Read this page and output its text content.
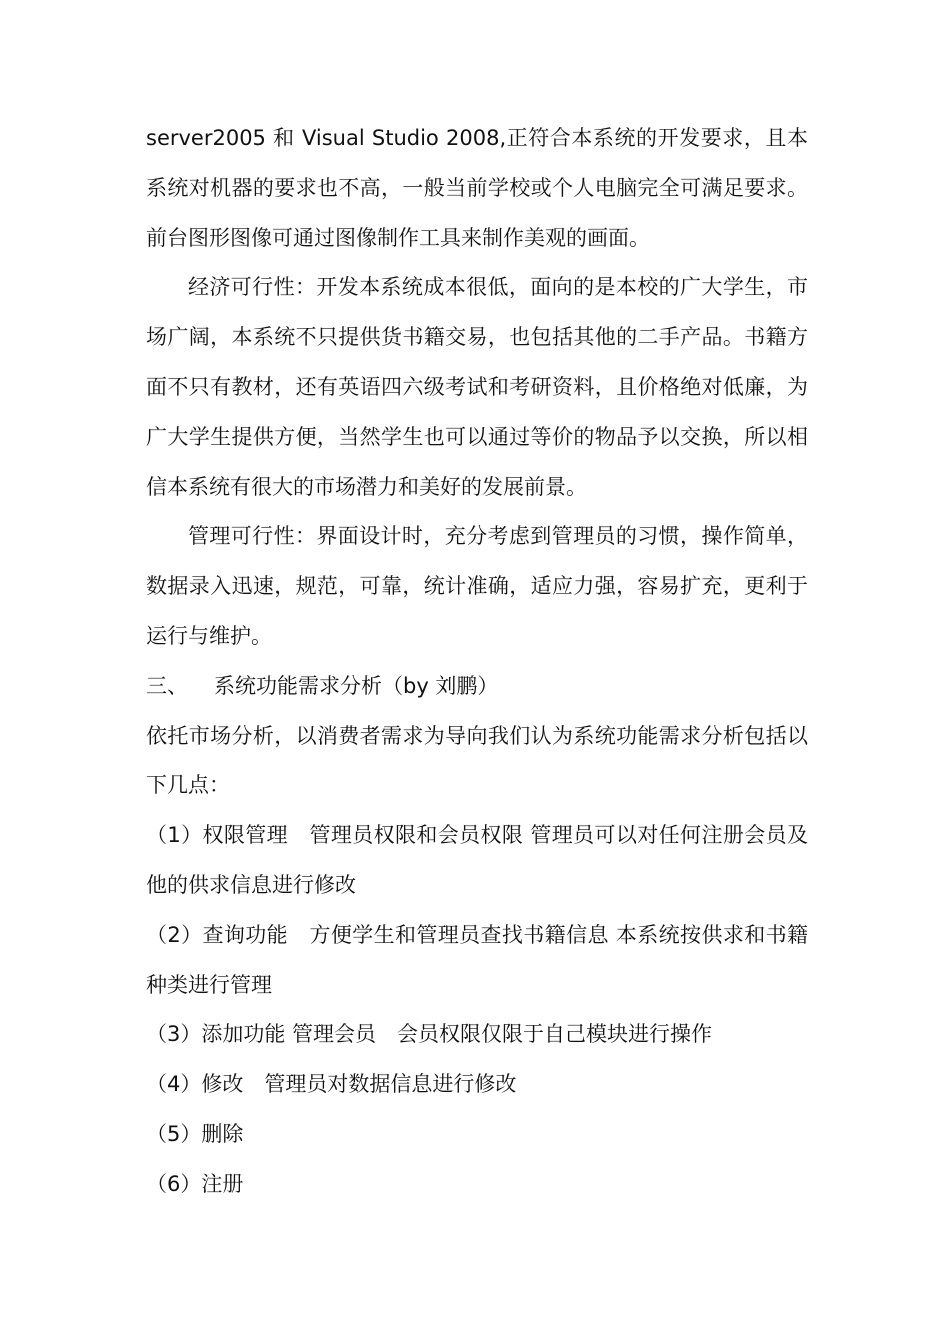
server2005 和 Visual Studio 2008,正符合本系统的开发要求，且本系统对机器的要求也不高，一般当前学校或个人电脑完全可满足要求。前台图形图像可通过图像制作工具来制作美观的画面。

经济可行性：开发本系统成本很低，面向的是本校的广大学生，市场广阔，本系统不只提供货书籍交易，也包括其他的二手产品。书籍方面不只有教材，还有英语四六级考试和考研资料，且价格绝对低廉，为广大学生提供方便，当然学生也可以通过等价的物品予以交换，所以相信本系统有很大的市场潜力和美好的发展前景。

管理可行性：界面设计时，充分考虑到管理员的习惯，操作简单，数据录入迅速，规范，可靠，统计准确，适应力强，容易扩充，更利于运行与维护。

三、	系统功能需求分析（by 刘鹏）

依托市场分析，以消费者需求为导向我们认为系统功能需求分析包括以下几点：

（1）权限管理　管理员权限和会员权限 管理员可以对任何注册会员及他的供求信息进行修改

（2）查询功能　方便学生和管理员查找书籍信息 本系统按供求和书籍种类进行管理

（3）添加功能 管理会员　会员权限仅限于自己模块进行操作

（4）修改　管理员对数据信息进行修改

（5）删除

（6）注册
